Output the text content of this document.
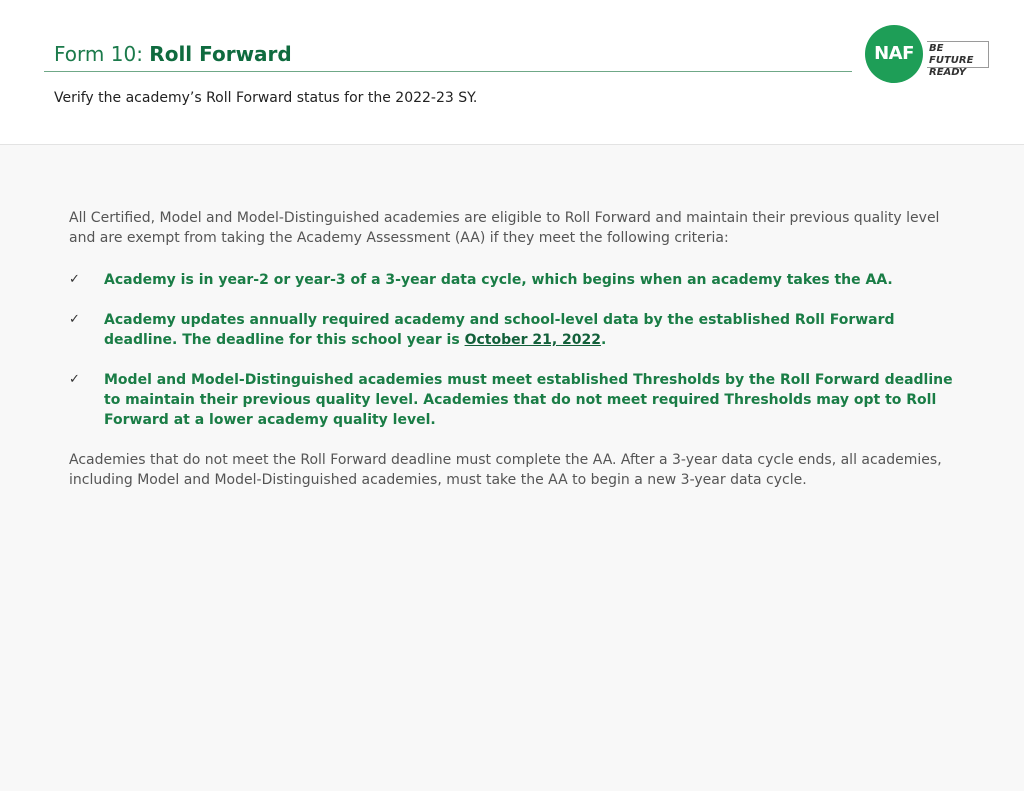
Form 10: Roll Forward
Verify the academy’s Roll Forward status for the 2022-23 SY.
NAF	BE FUTURE
READY

All Certified, Model and Model-Distinguished academies are eligible to Roll Forward and maintain their previous quality level and are exempt from taking the Academy Assessment (AA) if they meet the following criteria:

✓ Academy is in year-2 or year-3 of a 3-year data cycle, which begins when an academy takes the AA.
✓ Academy updates annually required academy and school-level data by the established Roll Forward deadline. The deadline for this school year is October 21, 2022.
✓ Model and Model-Distinguished academies must meet established Thresholds by the Roll Forward deadline to maintain their previous quality level. Academies that do not meet required Thresholds may opt to Roll Forward at a lower academy quality level.

Academies that do not meet the Roll Forward deadline must complete the AA. After a 3-year data cycle ends, all academies, including Model and Model-Distinguished academies, must take the AA to begin a new 3-year data cycle.
